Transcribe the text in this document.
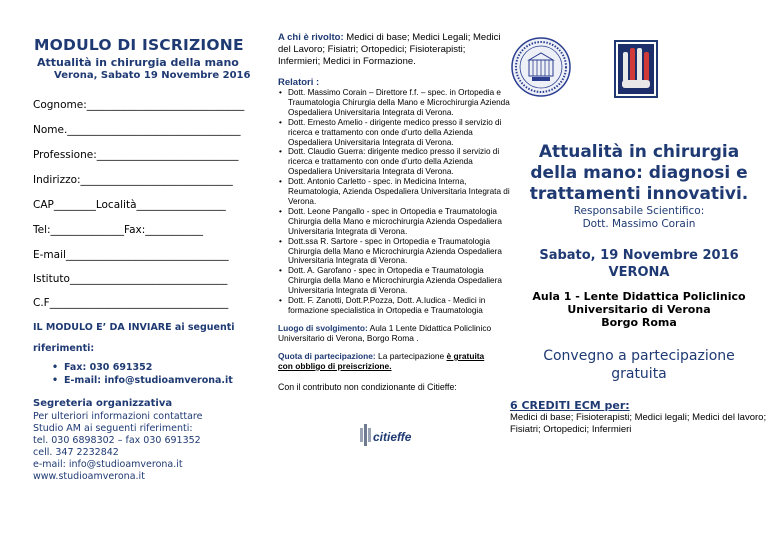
MODULO DI ISCRIZIONE
Attualità in chirurgia della mano
Verona, Sabato 19 Novembre 2016
Cognome:______________________________
Nome._________________________________
Professione:___________________________
Indirizzo:_____________________________
CAP________Località_________________
Tel:______________Fax:___________
E-mail_______________________________
Istituto______________________________
C.F__________________________________
IL MODULO E’ DA INVIARE ai seguenti
riferimenti:
• Fax: 030 691352
• E-mail: info@studioamverona.it
Segreteria organizzativa
Per ulteriori informazioni contattare
Studio AM ai seguenti riferimenti:
tel. 030 6898302 – fax 030 691352
cell. 347 2232842
e-mail: info@studioamverona.it
www.studioamverona.it
A chi è rivolto: Medici di base; Medici Legali; Medici del Lavoro; Fisiatri; Ortopedici; Fisioterapisti; Infermieri; Medici in Formazione.
Relatori :
• Dott. Massimo Corain – Direttore f.f. – spec. in Ortopedia e Traumatologia Chirurgia della Mano e Microchirurgia Azienda Ospedaliera Universitaria Integrata di Verona.
• Dott. Ernesto Amelio - dirigente medico presso il servizio di ricerca e trattamento con onde d’urto della Azienda Ospedaliera Universitaria Integrata di Verona.
• Dott. Claudio Guerra: dirigente medico presso il servizio di ricerca e trattamento con onde d’urto della Azienda Ospedaliera Universitaria Integrata di Verona.
• Dott. Antonio Carletto - spec. in Medicina Interna, Reumatologia, Azienda Ospedaliera Universitaria Integrata di Verona.
• Dott. Leone Pangallo - spec in Ortopedia e Traumatologia Chirurgia della Mano e microchirurgia Azienda Ospedaliera Universitaria Integrata di Verona.
• Dott.ssa R. Sartore - spec in Ortopedia e Traumatologia Chirurgia della Mano e Microchirurgia Azienda Ospedaliera Universitaria Integrata di Verona.
• Dott. A. Garofano - spec in Ortopedia e Traumatologia Chirurgia della Mano e Microchirurgia Azienda Ospedaliera Universitaria Integrata di Verona.
• Dott. F. Zanotti, Dott.P.Pozza, Dott. A.Iudica - Medici in formazione specialistica in Ortopedia e Traumatologia
Luogo di svolgimento: Aula 1 Lente Didattica Policlinico Universitario di Verona, Borgo Roma .
Quota di partecipazione: La partecipazione è gratuita
con obbligo di preiscrizione.
Con il contributo non condizionante di Citieffe:
citieffe
Attualità in chirurgia
della mano: diagnosi e
trattamenti innovativi.
Responsabile Scientifico:
Dott. Massimo Corain
Sabato, 19 Novembre 2016
VERONA
Aula 1 - Lente Didattica Policlinico
Universitario di Verona
Borgo Roma
Convegno a partecipazione
gratuita
6 CREDITI ECM per:
Medici di base; Fisioterapisti; Medici legali; Medici del lavoro; Fisiatri; Ortopedici; Infermieri
